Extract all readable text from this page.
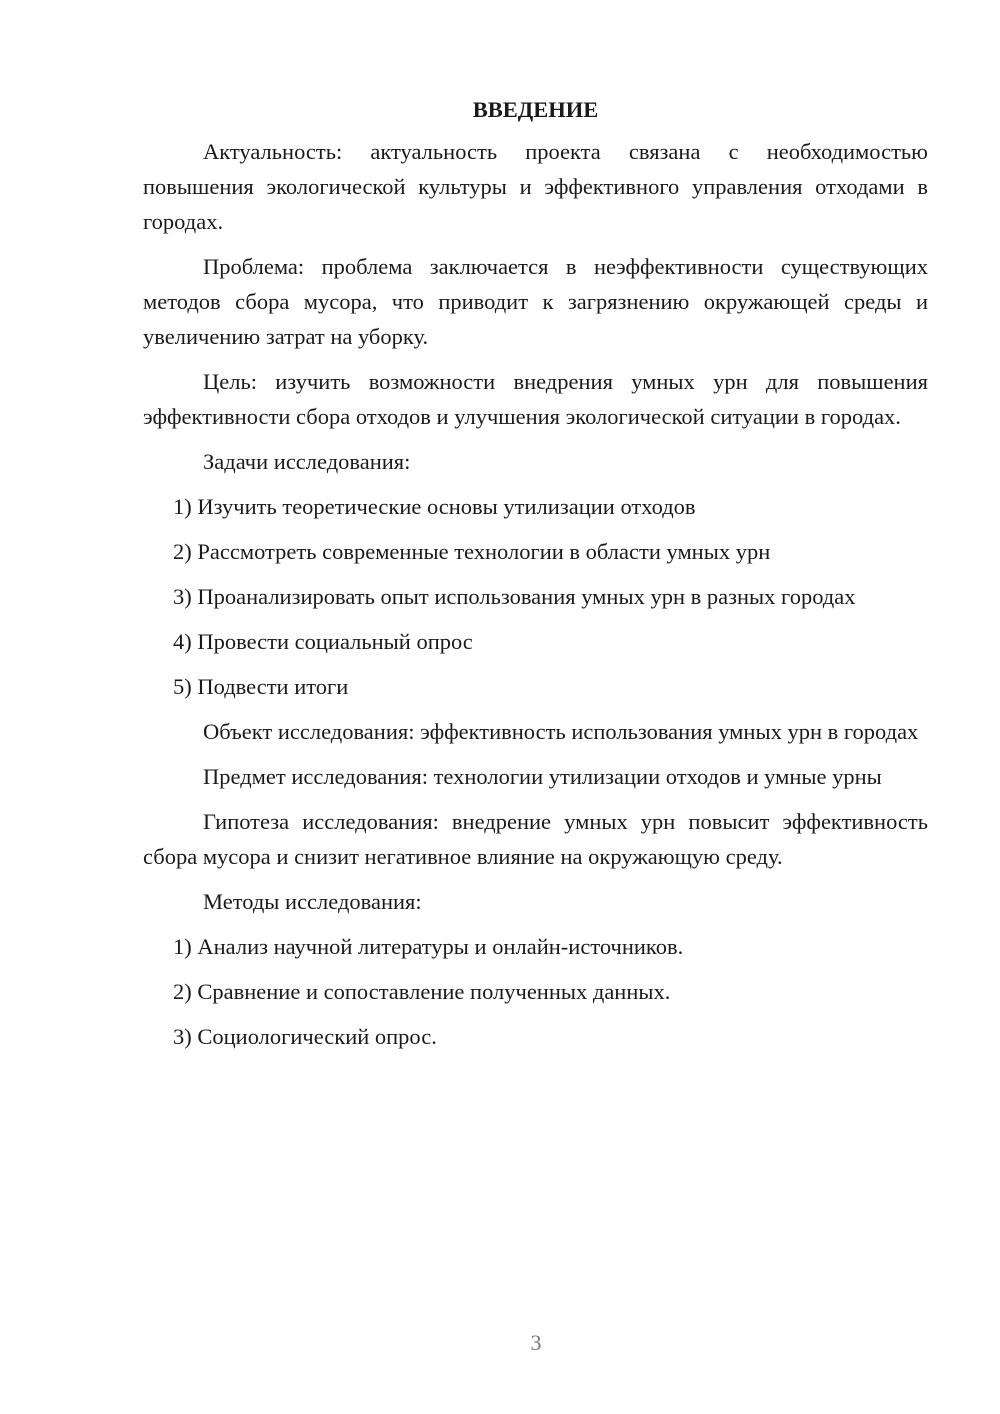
ВВЕДЕНИЕ

Актуальность: актуальность проекта связана с необходимостью повышения экологической культуры и эффективного управления отходами в городах.

Проблема: проблема заключается в неэффективности существующих методов сбора мусора, что приводит к загрязнению окружающей среды и увеличению затрат на уборку.

Цель: изучить возможности внедрения умных урн для повышения эффективности сбора отходов и улучшения экологической ситуации в городах.

Задачи исследования:

1) Изучить теоретические основы утилизации отходов

2) Рассмотреть современные технологии в области умных урн

3) Проанализировать опыт использования умных урн в разных городах

4) Провести социальный опрос

5) Подвести итоги

Объект исследования: эффективность использования умных урн в городах

Предмет исследования: технологии утилизации отходов и умные урны

Гипотеза исследования: внедрение умных урн повысит эффективность сбора мусора и снизит негативное влияние на окружающую среду.

Методы исследования:

1) Анализ научной литературы и онлайн-источников.

2) Сравнение и сопоставление полученных данных.

3) Социологический опрос.

3
